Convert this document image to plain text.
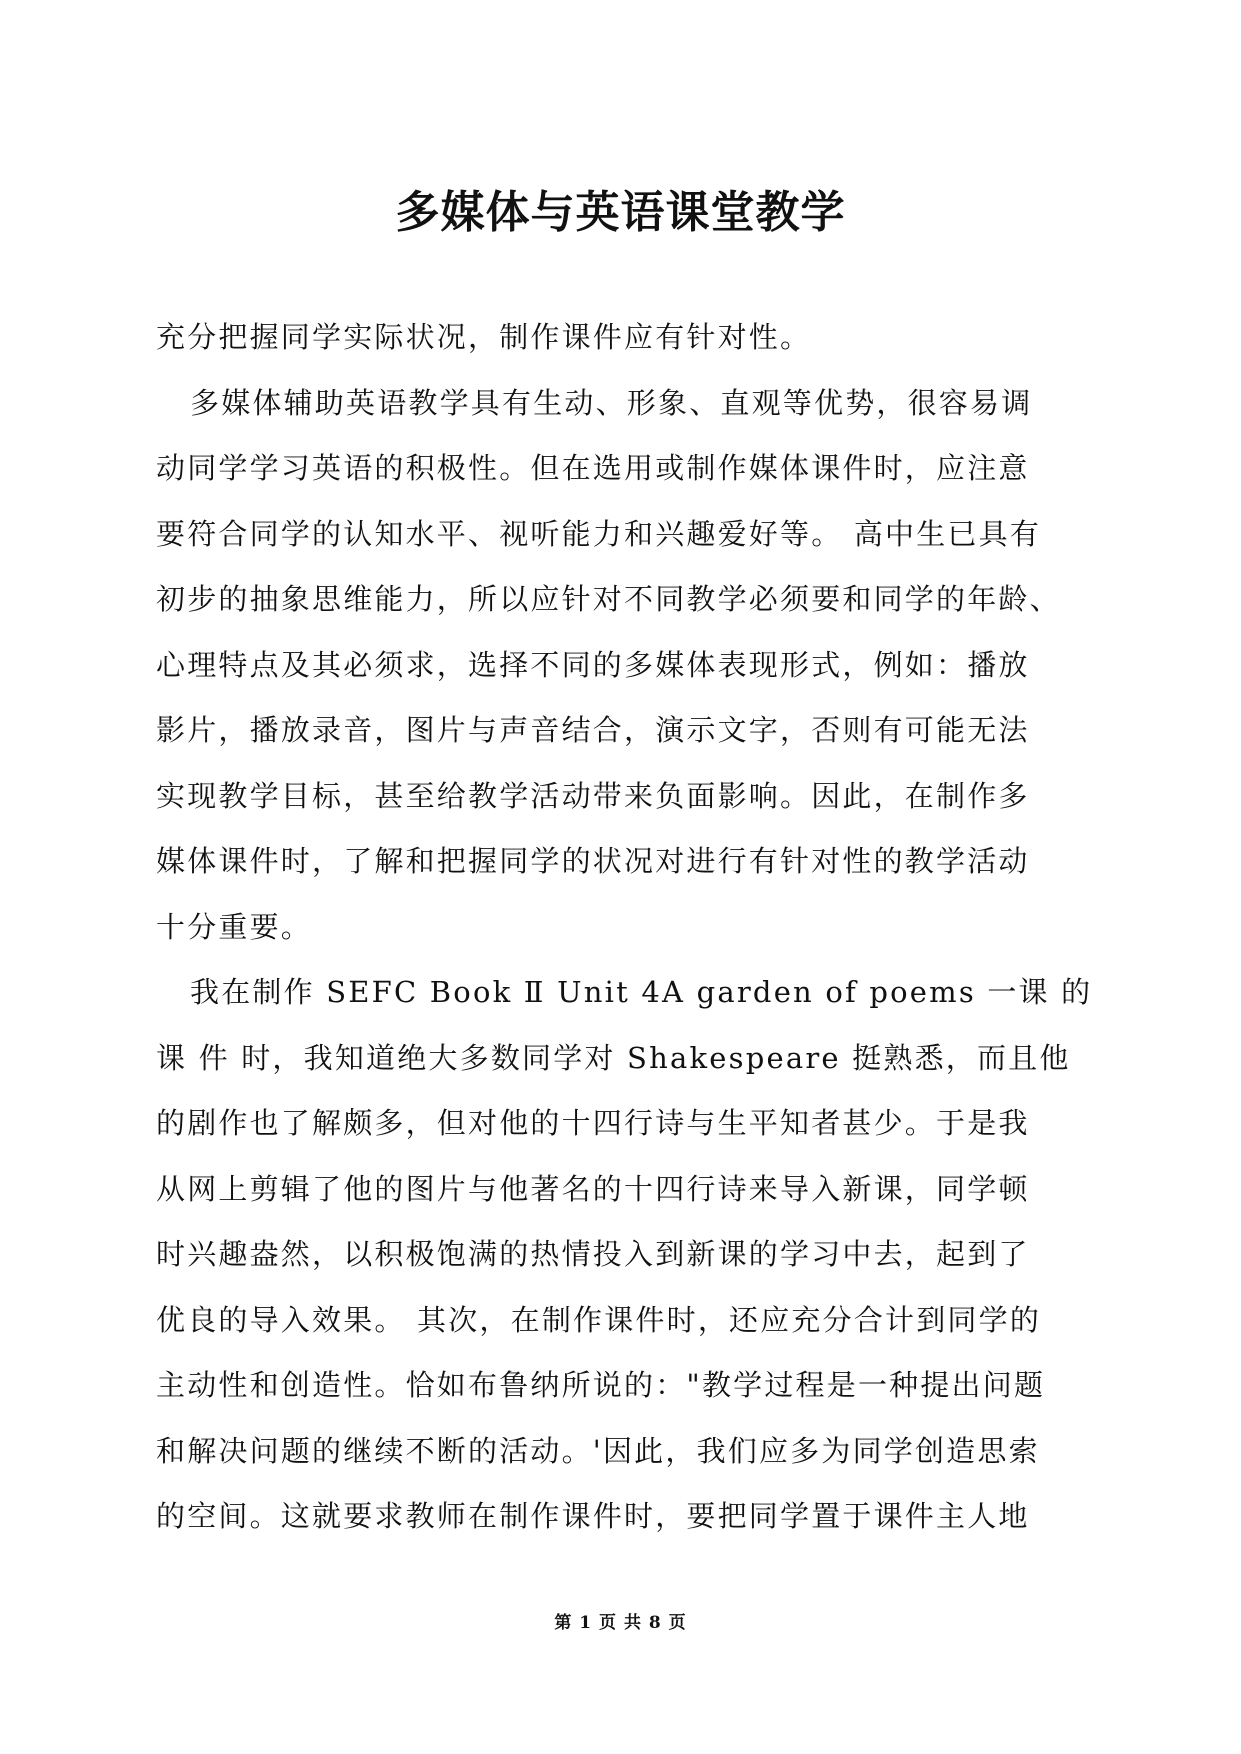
多媒体与英语课堂教学
充分把握同学实际状况，制作课件应有针对性。
多媒体辅助英语教学具有生动、形象、直观等优势，很容易调
动同学学习英语的积极性。但在选用或制作媒体课件时，应注意
要符合同学的认知水平、视听能力和兴趣爱好等。 高中生已具有
初步的抽象思维能力，所以应针对不同教学必须要和同学的年龄、
心理特点及其必须求，选择不同的多媒体表现形式，例如：播放
影片，播放录音，图片与声音结合，演示文字，否则有可能无法
实现教学目标，甚至给教学活动带来负面影响。因此，在制作多
媒体课件时，了解和把握同学的状况对进行有针对性的教学活动
十分重要。
我在制作 SEFC Book Ⅱ Unit 4A garden of poems 一课 的
课 件 时，我知道绝大多数同学对 Shakespeare 挺熟悉，而且他
的剧作也了解颇多，但对他的十四行诗与生平知者甚少。于是我
从网上剪辑了他的图片与他著名的十四行诗来导入新课，同学顿
时兴趣盎然，以积极饱满的热情投入到新课的学习中去，起到了
优良的导入效果。 其次，在制作课件时，还应充分合计到同学的
主动性和创造性。恰如布鲁纳所说的："教学过程是一种提出问题
和解决问题的继续不断的活动。'因此，我们应多为同学创造思索
的空间。这就要求教师在制作课件时，要把同学置于课件主人地
第 1 页 共 8 页
